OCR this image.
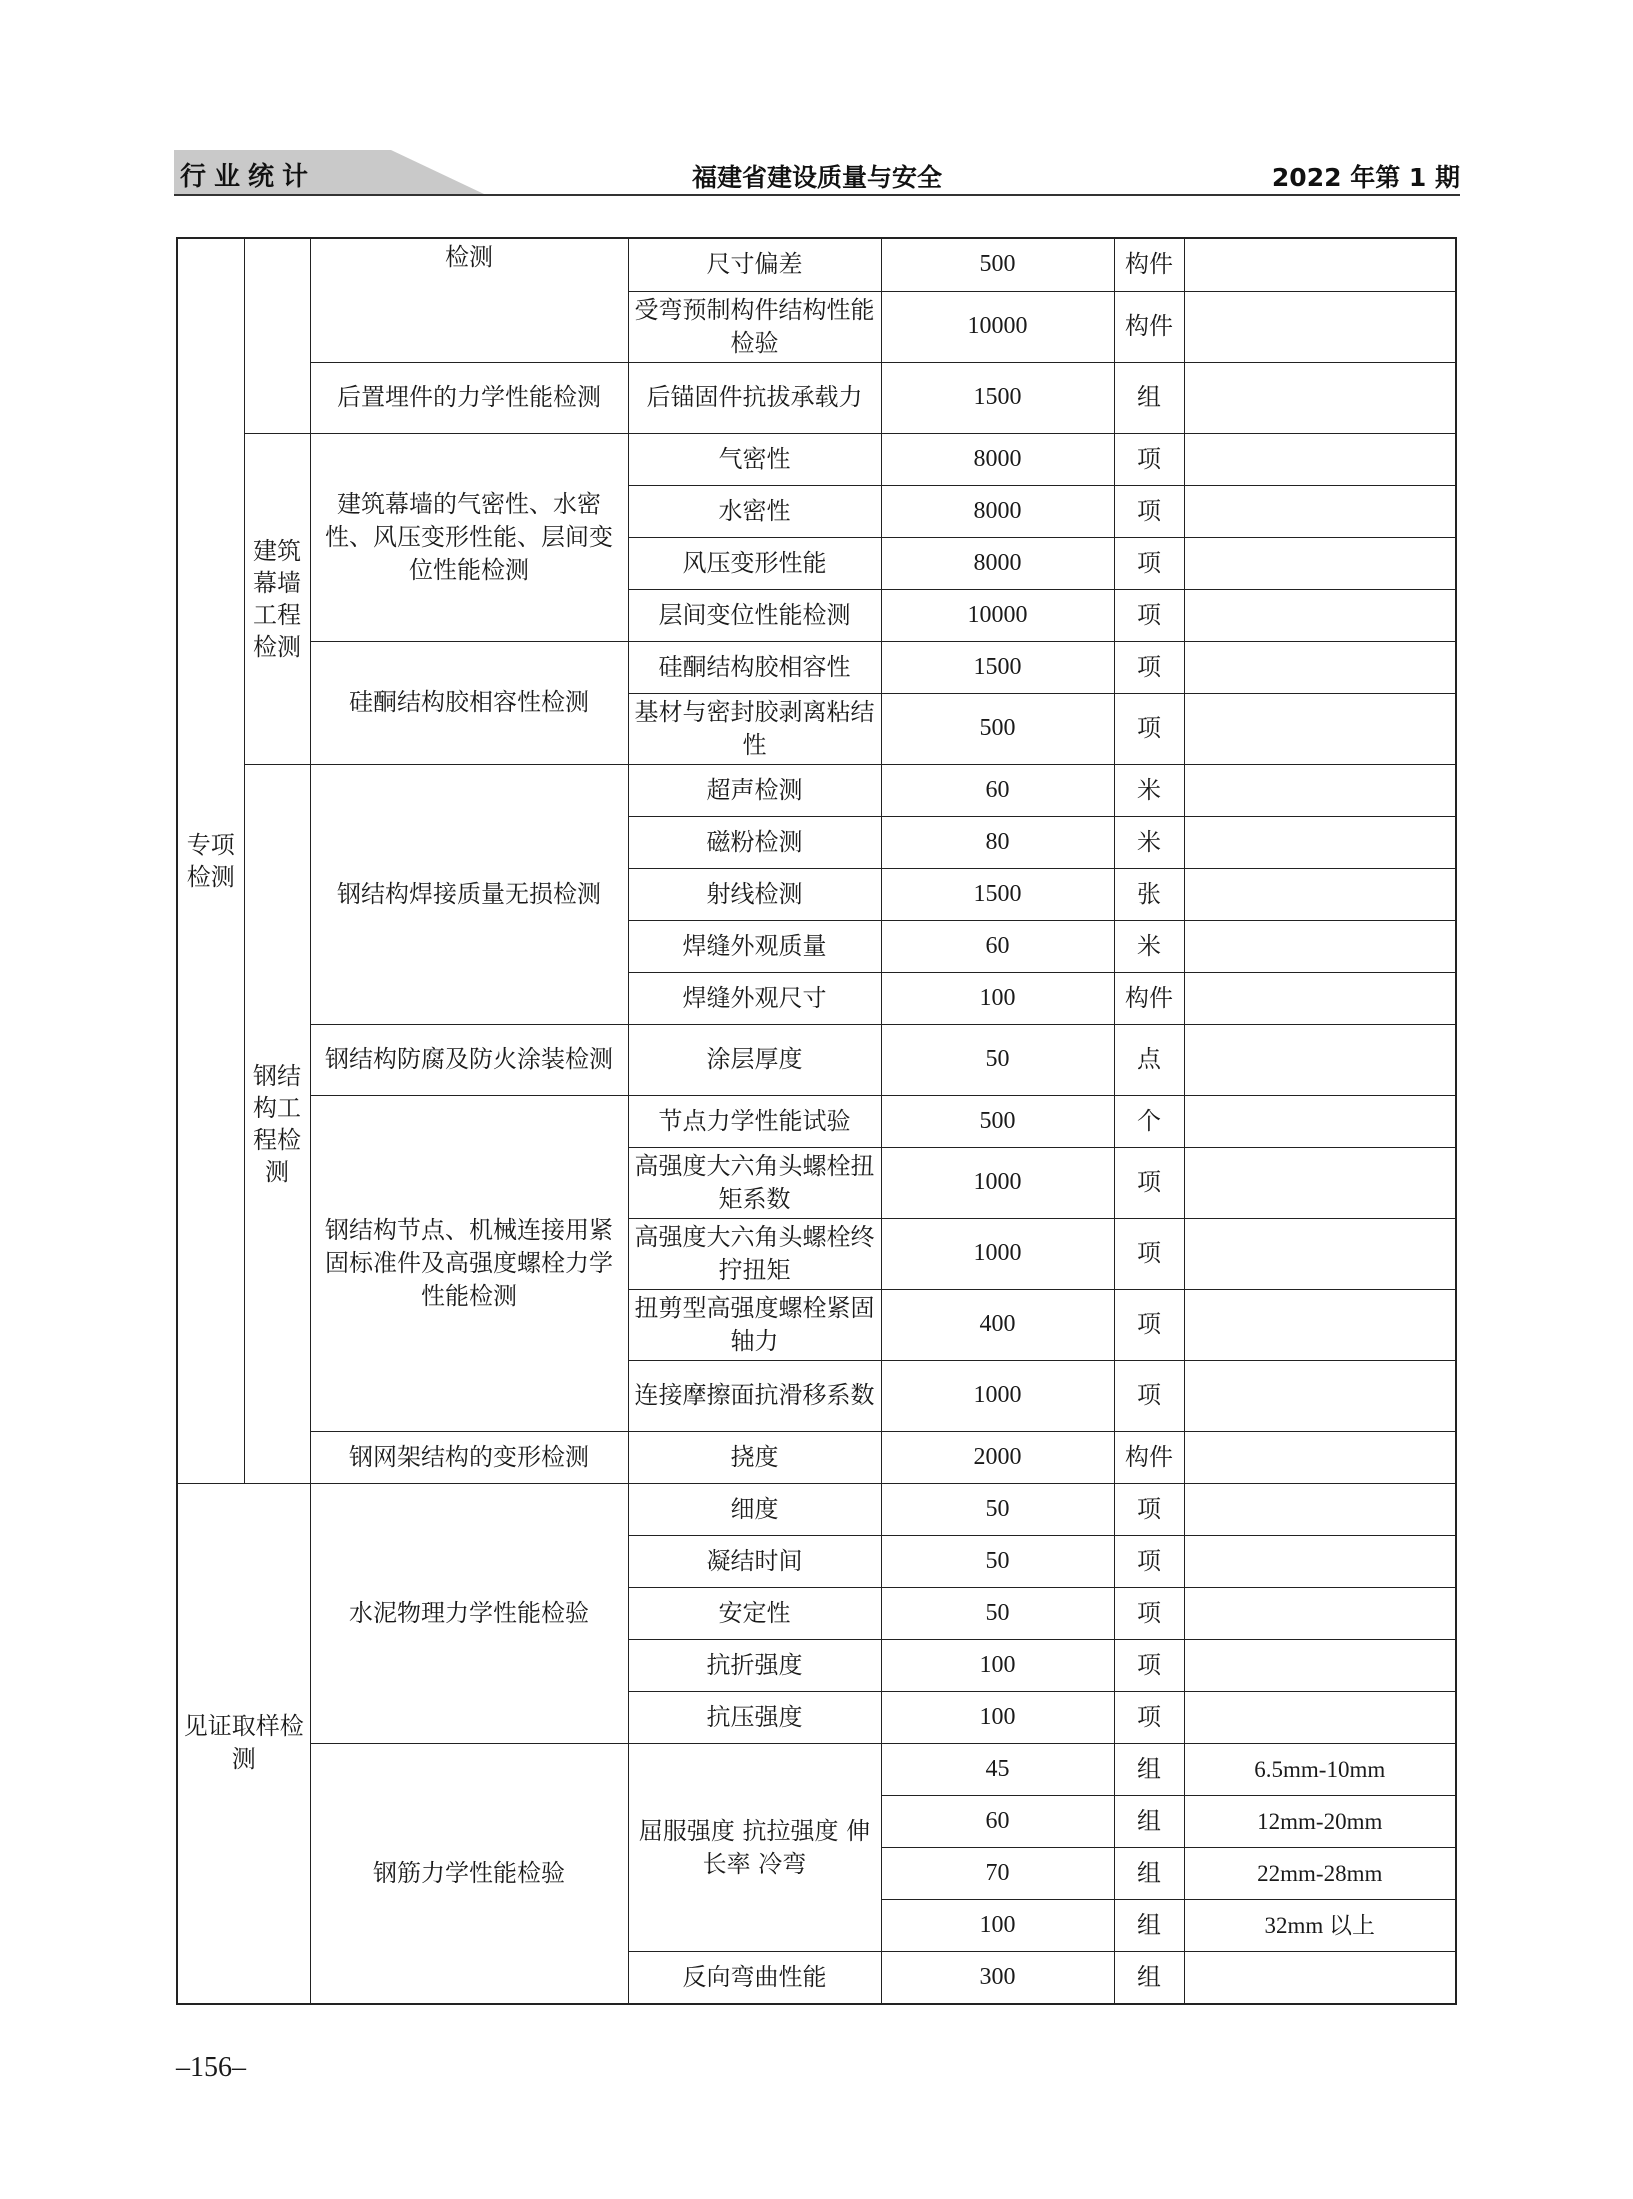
行业统计	福建省建设质量与安全	2022 年第 1 期
专项检测		检测	尺寸偏差	500	构件	
			受弯预制构件结构性能检验	10000	构件	
		后置埋件的力学性能检测	后锚固件抗拔承载力	1500	组	
	建筑幕墙工程检测	建筑幕墙的气密性、水密性、风压变形性能、层间变位性能检测	气密性	8000	项	
			水密性	8000	项	
			风压变形性能	8000	项	
			层间变位性能检测	10000	项	
		硅酮结构胶相容性检测	硅酮结构胶相容性	1500	项	
			基材与密封胶剥离粘结性	500	项	
	钢结构工程检测	钢结构焊接质量无损检测	超声检测	60	米	
			磁粉检测	80	米	
			射线检测	1500	张	
			焊缝外观质量	60	米	
			焊缝外观尺寸	100	构件	
		钢结构防腐及防火涂装检测	涂层厚度	50	点	
		钢结构节点、机械连接用紧固标准件及高强度螺栓力学性能检测	节点力学性能试验	500	个	
			高强度大六角头螺栓扭矩系数	1000	项	
			高强度大六角头螺栓终拧扭矩	1000	项	
			扭剪型高强度螺栓紧固轴力	400	项	
			连接摩擦面抗滑移系数	1000	项	
		钢网架结构的变形检测	挠度	2000	构件	
见证取样检测		水泥物理力学性能检验	细度	50	项	
			凝结时间	50	项	
			安定性	50	项	
			抗折强度	100	项	
			抗压强度	100	项	
		钢筋力学性能检验	屈服强度 抗拉强度 伸长率 冷弯	45	组	6.5mm-10mm
				60	组	12mm-20mm
				70	组	22mm-28mm
				100	组	32mm 以上
			反向弯曲性能	300	组	
–156–
